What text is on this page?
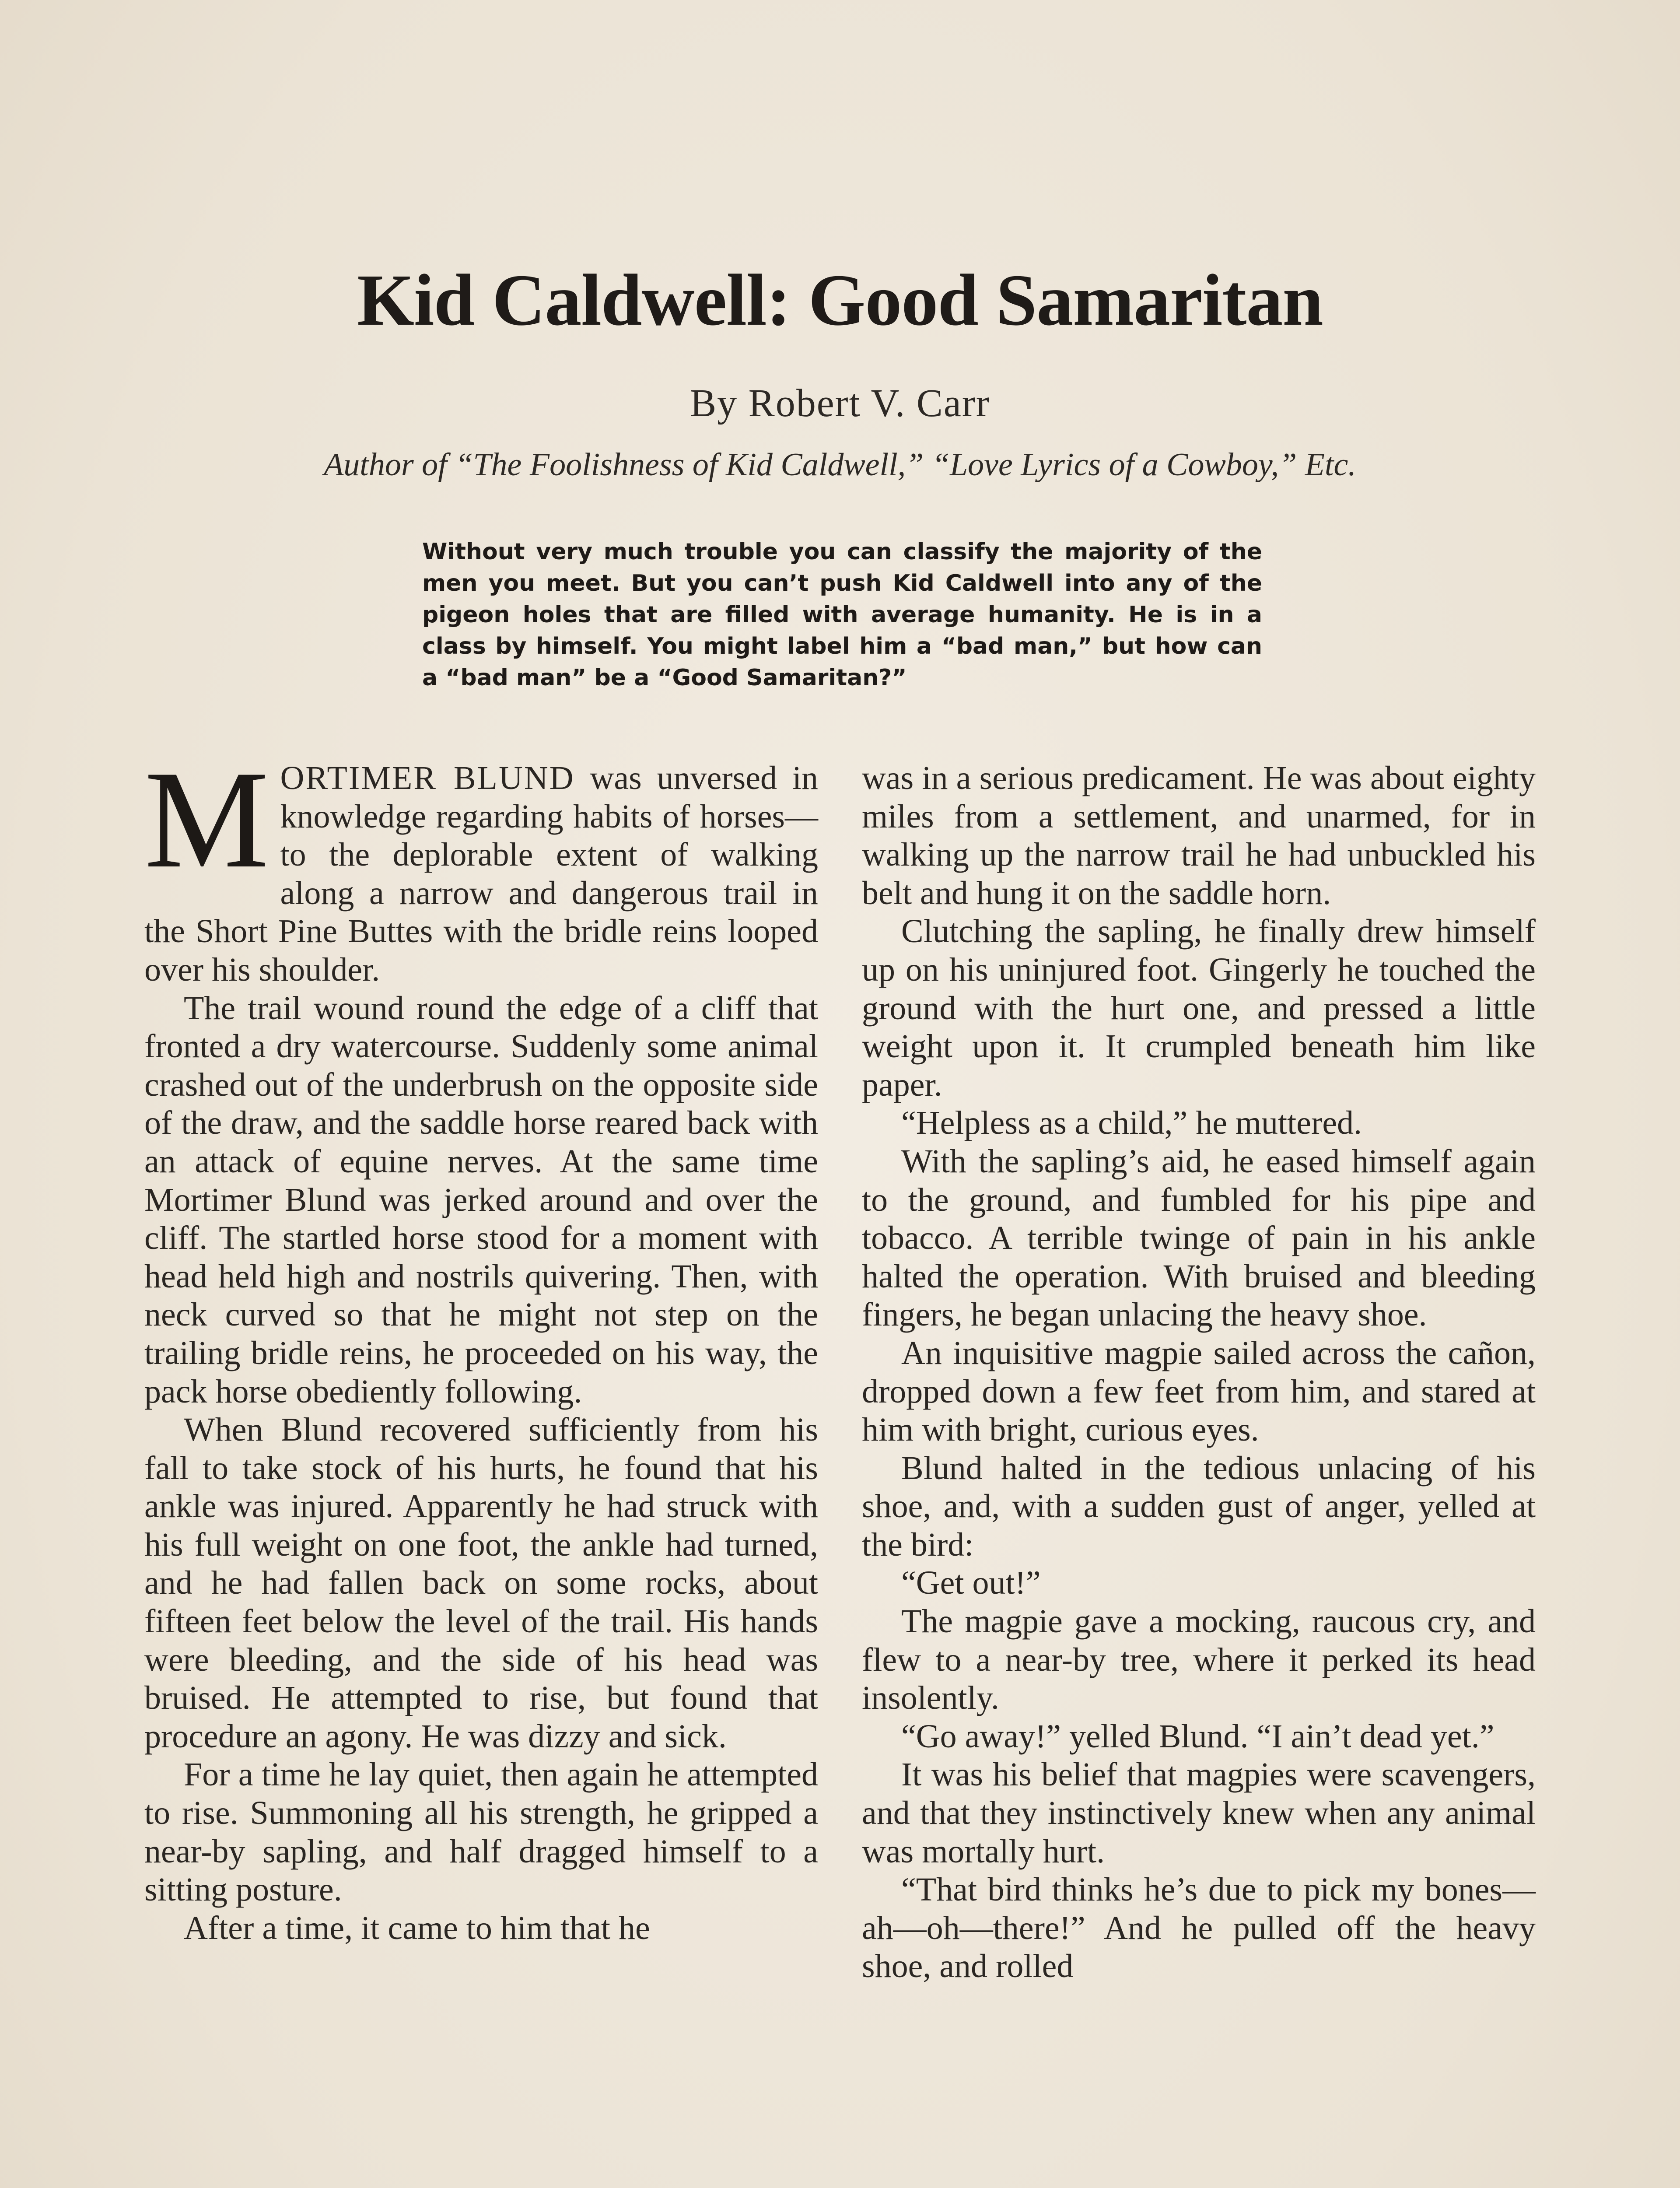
Kid Caldwell: Good Samaritan

By Robert V. Carr

Author of “The Foolishness of Kid Caldwell,” “Love Lyrics of a Cowboy,” Etc.

Without very much trouble you can classify the majority of the men you meet. But you can’t push Kid Caldwell into any of the pigeon holes that are filled with average humanity. He is in a class by himself. You might label him a “bad man,” but how can a “bad man” be a “Good Samaritan?”

MORTIMER BLUND was unversed in knowledge regarding habits of horses—to the deplorable extent of walking along a narrow and dangerous trail in the Short Pine Buttes with the bridle reins looped over his shoulder.

The trail wound round the edge of a cliff that fronted a dry watercourse. Suddenly some animal crashed out of the underbrush on the opposite side of the draw, and the saddle horse reared back with an attack of equine nerves. At the same time Mortimer Blund was jerked around and over the cliff. The startled horse stood for a moment with head held high and nostrils quivering. Then, with neck curved so that he might not step on the trailing bridle reins, he proceeded on his way, the pack horse obediently following.

When Blund recovered sufficiently from his fall to take stock of his hurts, he found that his ankle was injured. Apparently he had struck with his full weight on one foot, the ankle had turned, and he had fallen back on some rocks, about fifteen feet below the level of the trail. His hands were bleeding, and the side of his head was bruised. He attempted to rise, but found that procedure an agony. He was dizzy and sick.

For a time he lay quiet, then again he attempted to rise. Summoning all his strength, he gripped a near-by sapling, and half dragged himself to a sitting posture.

After a time, it came to him that he

was in a serious predicament. He was about eighty miles from a settlement, and unarmed, for in walking up the narrow trail he had unbuckled his belt and hung it on the saddle horn.

Clutching the sapling, he finally drew himself up on his uninjured foot. Gingerly he touched the ground with the hurt one, and pressed a little weight upon it. It crumpled beneath him like paper.

“Helpless as a child,” he muttered.

With the sapling’s aid, he eased himself again to the ground, and fumbled for his pipe and tobacco. A terrible twinge of pain in his ankle halted the operation. With bruised and bleeding fingers, he began unlacing the heavy shoe.

An inquisitive magpie sailed across the cañon, dropped down a few feet from him, and stared at him with bright, curious eyes.

Blund halted in the tedious unlacing of his shoe, and, with a sudden gust of anger, yelled at the bird:

“Get out!”

The magpie gave a mocking, raucous cry, and flew to a near-by tree, where it perked its head insolently.

“Go away!” yelled Blund. “I ain’t dead yet.”

It was his belief that magpies were scavengers, and that they instinctively knew when any animal was mortally hurt.

“That bird thinks he’s due to pick my bones—ah—oh—there!” And he pulled off the heavy shoe, and rolled
